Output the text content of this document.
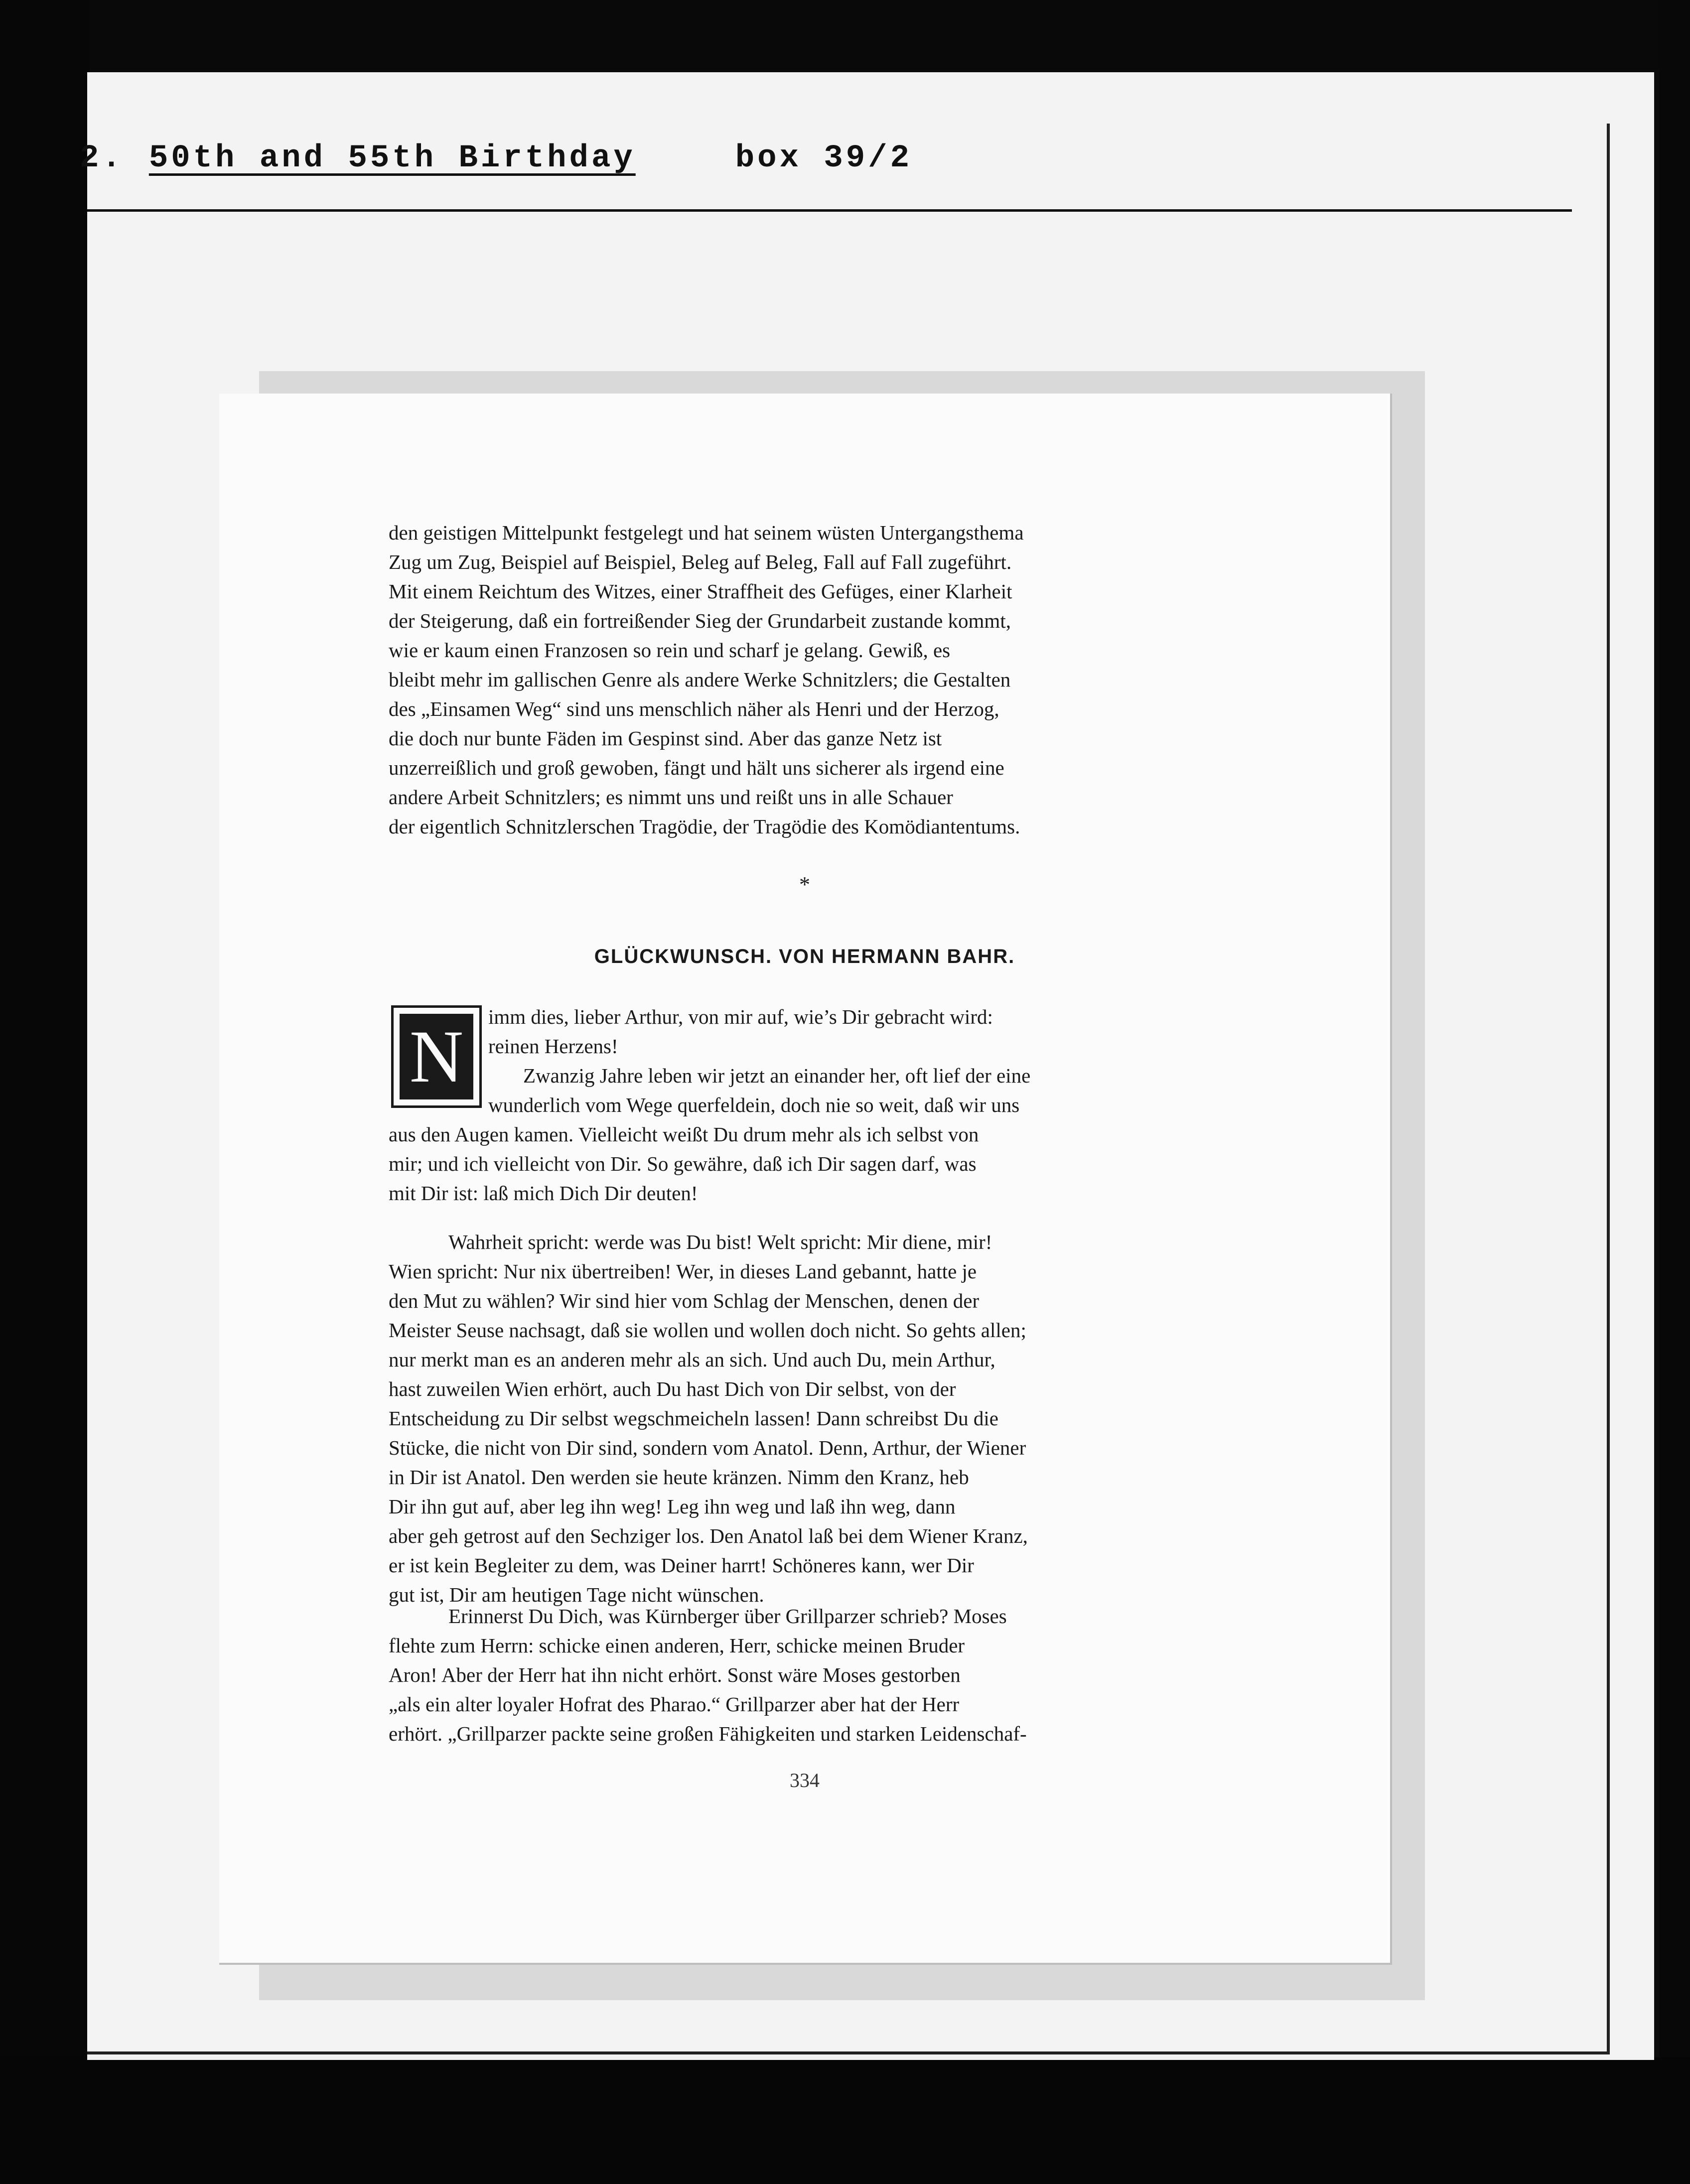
2. 50th and 55th Birthday	box 39/2

den geistigen Mittelpunkt festgelegt und hat seinem wüsten Untergangsthema

Zug um Zug, Beispiel auf Beispiel, Beleg auf Beleg, Fall auf Fall zugeführt.

Mit einem Reichtum des Witzes, einer Straffheit des Gefüges, einer Klarheit

der Steigerung, daß ein fortreißender Sieg der Grundarbeit zustande kommt,

wie er kaum einen Franzosen so rein und scharf je gelang. Gewiß, es

bleibt mehr im gallischen Genre als andere Werke Schnitzlers; die Gestalten

des „Einsamen Weg“ sind uns menschlich näher als Henri und der Herzog,

die doch nur bunte Fäden im Gespinst sind. Aber das ganze Netz ist

unzerreißlich und groß gewoben, fängt und hält uns sicherer als irgend eine

andere Arbeit Schnitzlers; es nimmt uns und reißt uns in alle Schauer

der eigentlich Schnitzlerschen Tragödie, der Tragödie des Komödiantentums.

*
GLÜCKWUNSCH. VON HERMANN BAHR.
N	imm dies, lieber Arthur, von mir auf, wie’s Dir gebracht wird:

reinen Herzens!

Zwanzig Jahre leben wir jetzt an einander her, oft lief der eine

wunderlich vom Wege querfeldein, doch nie so weit, daß wir uns

aus den Augen kamen. Vielleicht weißt Du drum mehr als ich selbst von

mir; und ich vielleicht von Dir. So gewähre, daß ich Dir sagen darf, was

mit Dir ist: laß mich Dich Dir deuten!

Wahrheit spricht: werde was Du bist! Welt spricht: Mir diene, mir!

Wien spricht: Nur nix übertreiben! Wer, in dieses Land gebannt, hatte je

den Mut zu wählen? Wir sind hier vom Schlag der Menschen, denen der

Meister Seuse nachsagt, daß sie wollen und wollen doch nicht. So gehts allen;

nur merkt man es an anderen mehr als an sich. Und auch Du, mein Arthur,

hast zuweilen Wien erhört, auch Du hast Dich von Dir selbst, von der

Entscheidung zu Dir selbst wegschmeicheln lassen! Dann schreibst Du die

Stücke, die nicht von Dir sind, sondern vom Anatol. Denn, Arthur, der Wiener

in Dir ist Anatol. Den werden sie heute kränzen. Nimm den Kranz, heb

Dir ihn gut auf, aber leg ihn weg! Leg ihn weg und laß ihn weg, dann

aber geh getrost auf den Sechziger los. Den Anatol laß bei dem Wiener Kranz,

er ist kein Begleiter zu dem, was Deiner harrt! Schöneres kann, wer Dir

gut ist, Dir am heutigen Tage nicht wünschen.

Erinnerst Du Dich, was Kürnberger über Grillparzer schrieb? Moses

flehte zum Herrn: schicke einen anderen, Herr, schicke meinen Bruder

Aron! Aber der Herr hat ihn nicht erhört. Sonst wäre Moses gestorben

„als ein alter loyaler Hofrat des Pharao.“ Grillparzer aber hat der Herr

erhört. „Grillparzer packte seine großen Fähigkeiten und starken Leidenschaf-

334
